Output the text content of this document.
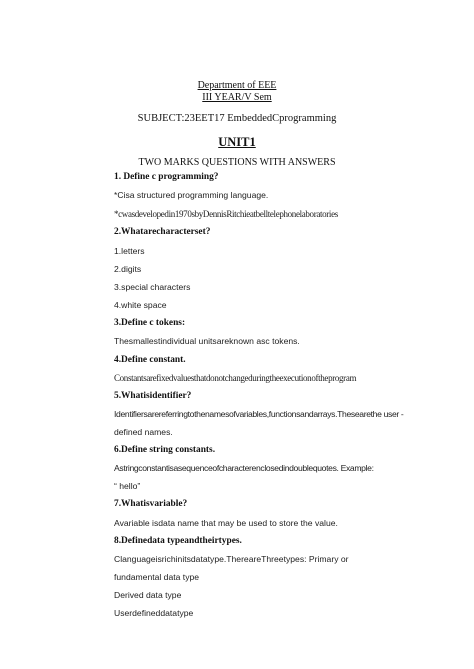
Department of EEE
III YEAR/V Sem
SUBJECT:23EET17 EmbeddedCprogramming
UNIT1
TWO MARKS QUESTIONS WITH ANSWERS
1. Define c programming?
*Cisa structured programming language.
*cwasdevelopedin1970sbyDennisRitchieatbelltelephonelaboratories
2.Whatarecharacterset?
1.letters
2.digits
3.special characters
4.white space
3.Define c tokens:
Thesmallestindividual unitsareknown asc tokens.
4.Define constant.
Constantsarefixedvaluesthatdonotchangeduringtheexecutionoftheprogram
5.Whatisidentifier?
Identifiersarereferringtothenamesofvariables,functionsandarrays.Thesearethe user -
defined names.
6.Define string constants.
Astringconstantisasequenceofcharacterenclosedindoublequotes. Example:
“ hello”
7.Whatisvariable?
Avariable isdata name that may be used to store the value.
8.Definedata typeandtheirtypes.
Clanguageisrichinitsdatatype.ThereareThreetypes: Primary or
fundamental data type
Derived data type
Userdefineddatatype
